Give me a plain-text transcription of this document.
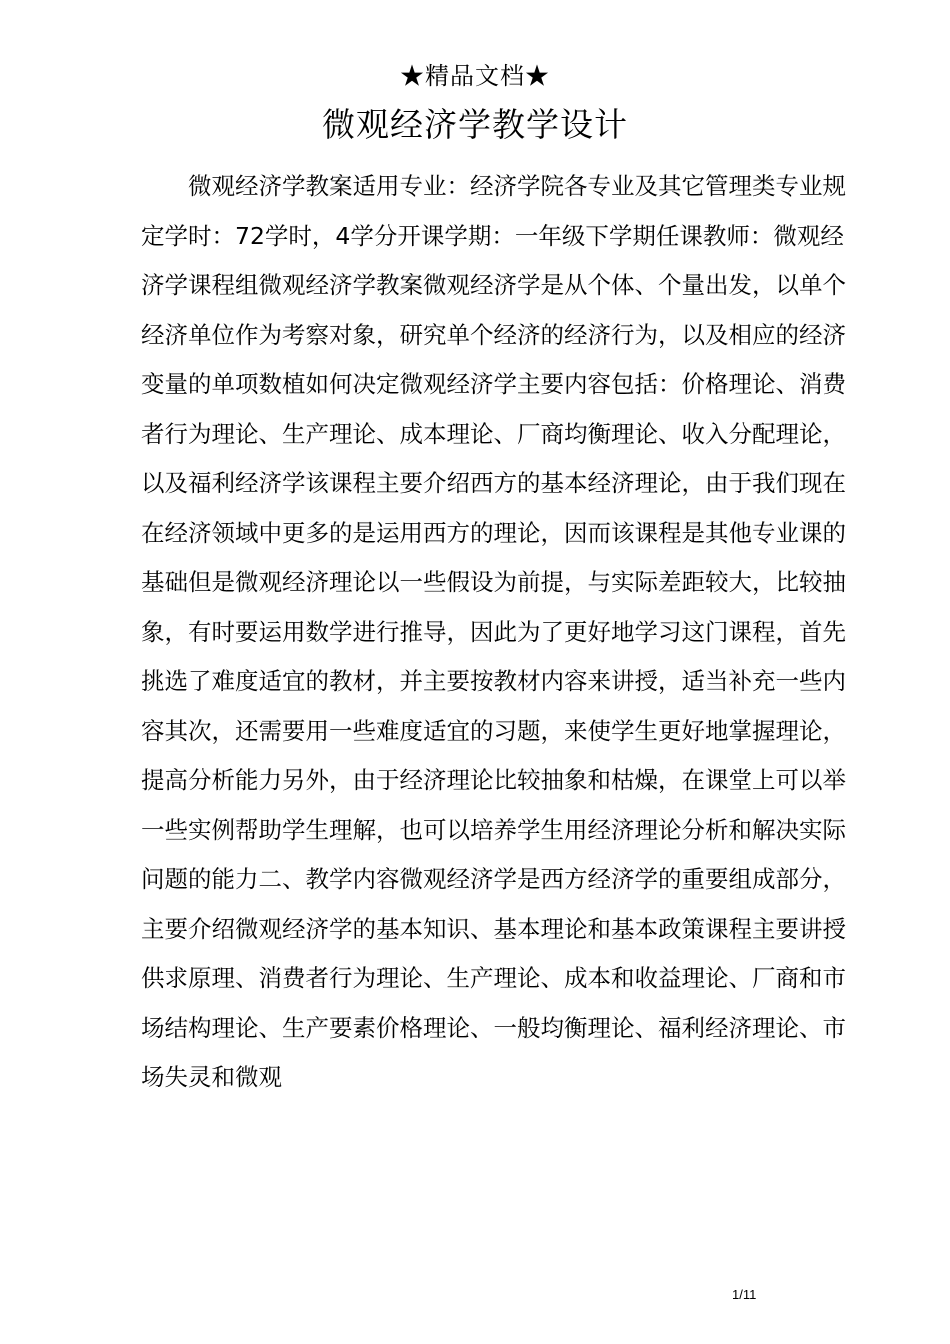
★精品文档★
微观经济学教学设计

微观经济学教案适用专业：经济学院各专业及其它管理类专业规定学时：72学时，4学分开课学期：一年级下学期任课教师：微观经济学课程组微观经济学教案微观经济学是从个体、个量出发，以单个经济单位作为考察对象，研究单个经济的经济行为，以及相应的经济变量的单项数植如何决定微观经济学主要内容包括：价格理论、消费者行为理论、生产理论、成本理论、厂商均衡理论、收入分配理论，以及福利经济学该课程主要介绍西方的基本经济理论，由于我们现在在经济领域中更多的是运用西方的理论，因而该课程是其他专业课的基础但是微观经济理论以一些假设为前提，与实际差距较大，比较抽象，有时要运用数学进行推导，因此为了更好地学习这门课程，首先挑选了难度适宜的教材，并主要按教材内容来讲授，适当补充一些内容其次，还需要用一些难度适宜的习题，来使学生更好地掌握理论，提高分析能力另外，由于经济理论比较抽象和枯燥，在课堂上可以举一些实例帮助学生理解，也可以培养学生用经济理论分析和解决实际问题的能力二、教学内容微观经济学是西方经济学的重要组成部分，主要介绍微观经济学的基本知识、基本理论和基本政策课程主要讲授供求原理、消费者行为理论、生产理论、成本和收益理论、厂商和市场结构理论、生产要素价格理论、一般均衡理论、福利经济理论、市场失灵和微观

1/11
